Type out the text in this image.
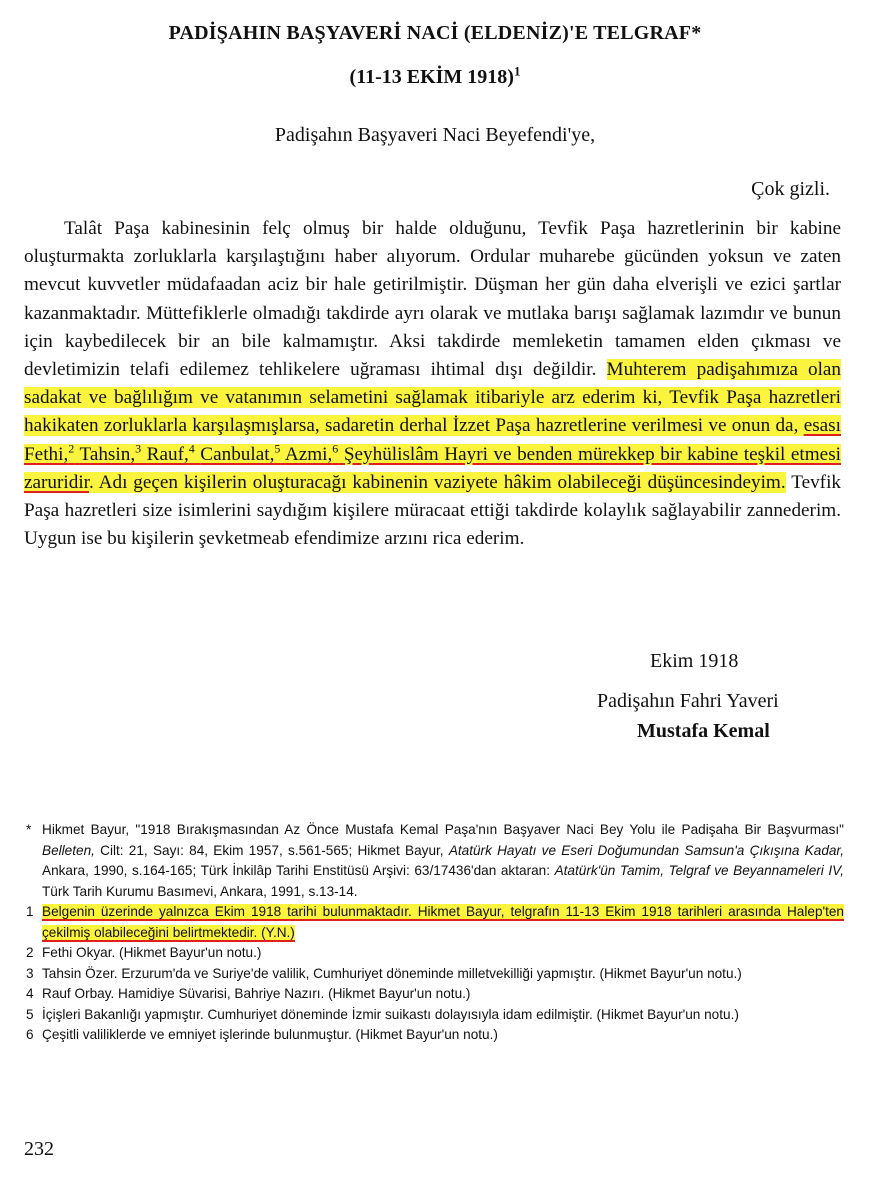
PADİŞAHIN BAŞYAVERİ NACİ (ELDENİZ)'E TELGRAF*
(11-13 EKİM 1918)$^1$
Padişahın Başyaveri Naci Beyefendi'ye,
Çok gizli.
Talât Paşa kabinesinin felç olmuş bir halde olduğunu, Tevfik Paşa hazretlerinin bir kabine oluşturmakta zorluklarla karşılaştığını haber alıyorum. Ordular muharebe gücünden yoksun ve zaten mevcut kuvvetler müdafaadan aciz bir hale getirilmiştir. Düşman her gün daha elverişli ve ezici şartlar kazanmaktadır. Müttefiklerle olmadığı takdirde ayrı olarak ve mutlaka barışı sağlamak lazımdır ve bunun için kaybedilecek bir an bile kalmamıştır. Aksi takdirde memleketin tamamen elden çıkması ve devletimizin telafi edilemez tehlikelere uğraması ihtimal dışı değildir. Muhterem padişahımıza olan sadakat ve bağlılığım ve vatanımın selametini sağlamak itibariyle arz ederim ki, Tevfik Paşa hazretleri hakikaten zorluklarla karşılaşmışlarsa, sadaretin derhal İzzet Paşa hazretlerine verilmesi ve onun da, esası Fethi,$^2$ Tahsin,$^3$ Rauf,$^4$ Canbulat,$^5$ Azmi,$^6$ Şeyhülislâm Hayri ve benden mürekkep bir kabine teşkil etmesi zaruridir. Adı geçen kişilerin oluşturacağı kabinenin vaziyete hâkim olabileceği düşüncesindeyim. Tevfik Paşa hazretleri size isimlerini saydığım kişilere müracaat ettiği takdirde kolaylık sağlayabilir zannederim. Uygun ise bu kişilerin şevketmeab efendimize arzını rica ederim.
Ekim 1918
Padişahın Fahri Yaveri
Mustafa Kemal
* Hikmet Bayur, "1918 Bırakışmasından Az Önce Mustafa Kemal Paşa'nın Başyaver Naci Bey Yolu ile Padişaha Bir Başvurması" Belleten, Cilt: 21, Sayı: 84, Ekim 1957, s.561-565; Hikmet Bayur, Atatürk Hayatı ve Eseri Doğumundan Samsun'a Çıkışına Kadar, Ankara, 1990, s.164-165; Türk İnkilâp Tarihi Enstitüsü Arşivi: 63/17436'dan aktaran: Atatürk'ün Tamim, Telgraf ve Beyannameleri IV, Türk Tarih Kurumu Basımevi, Ankara, 1991, s.13-14.
1 Belgenin üzerinde yalnızca Ekim 1918 tarihi bulunmaktadır. Hikmet Bayur, telgrafın 11-13 Ekim 1918 tarihleri arasında Halep'ten çekilmiş olabileceğini belirtmektedir. (Y.N.)
2 Fethi Okyar. (Hikmet Bayur'un notu.)
3 Tahsin Özer. Erzurum'da ve Suriye'de valilik, Cumhuriyet döneminde milletvekilliği yapmıştır. (Hikmet Bayur'un notu.)
4 Rauf Orbay. Hamidiye Süvarisi, Bahriye Nazırı. (Hikmet Bayur'un notu.)
5 İçişleri Bakanlığı yapmıştır. Cumhuriyet döneminde İzmir suikastı dolayısıyla idam edilmiştir. (Hikmet Bayur'un notu.)
6 Çeşitli valiliklerde ve emniyet işlerinde bulunmuştur. (Hikmet Bayur'un notu.)
232
